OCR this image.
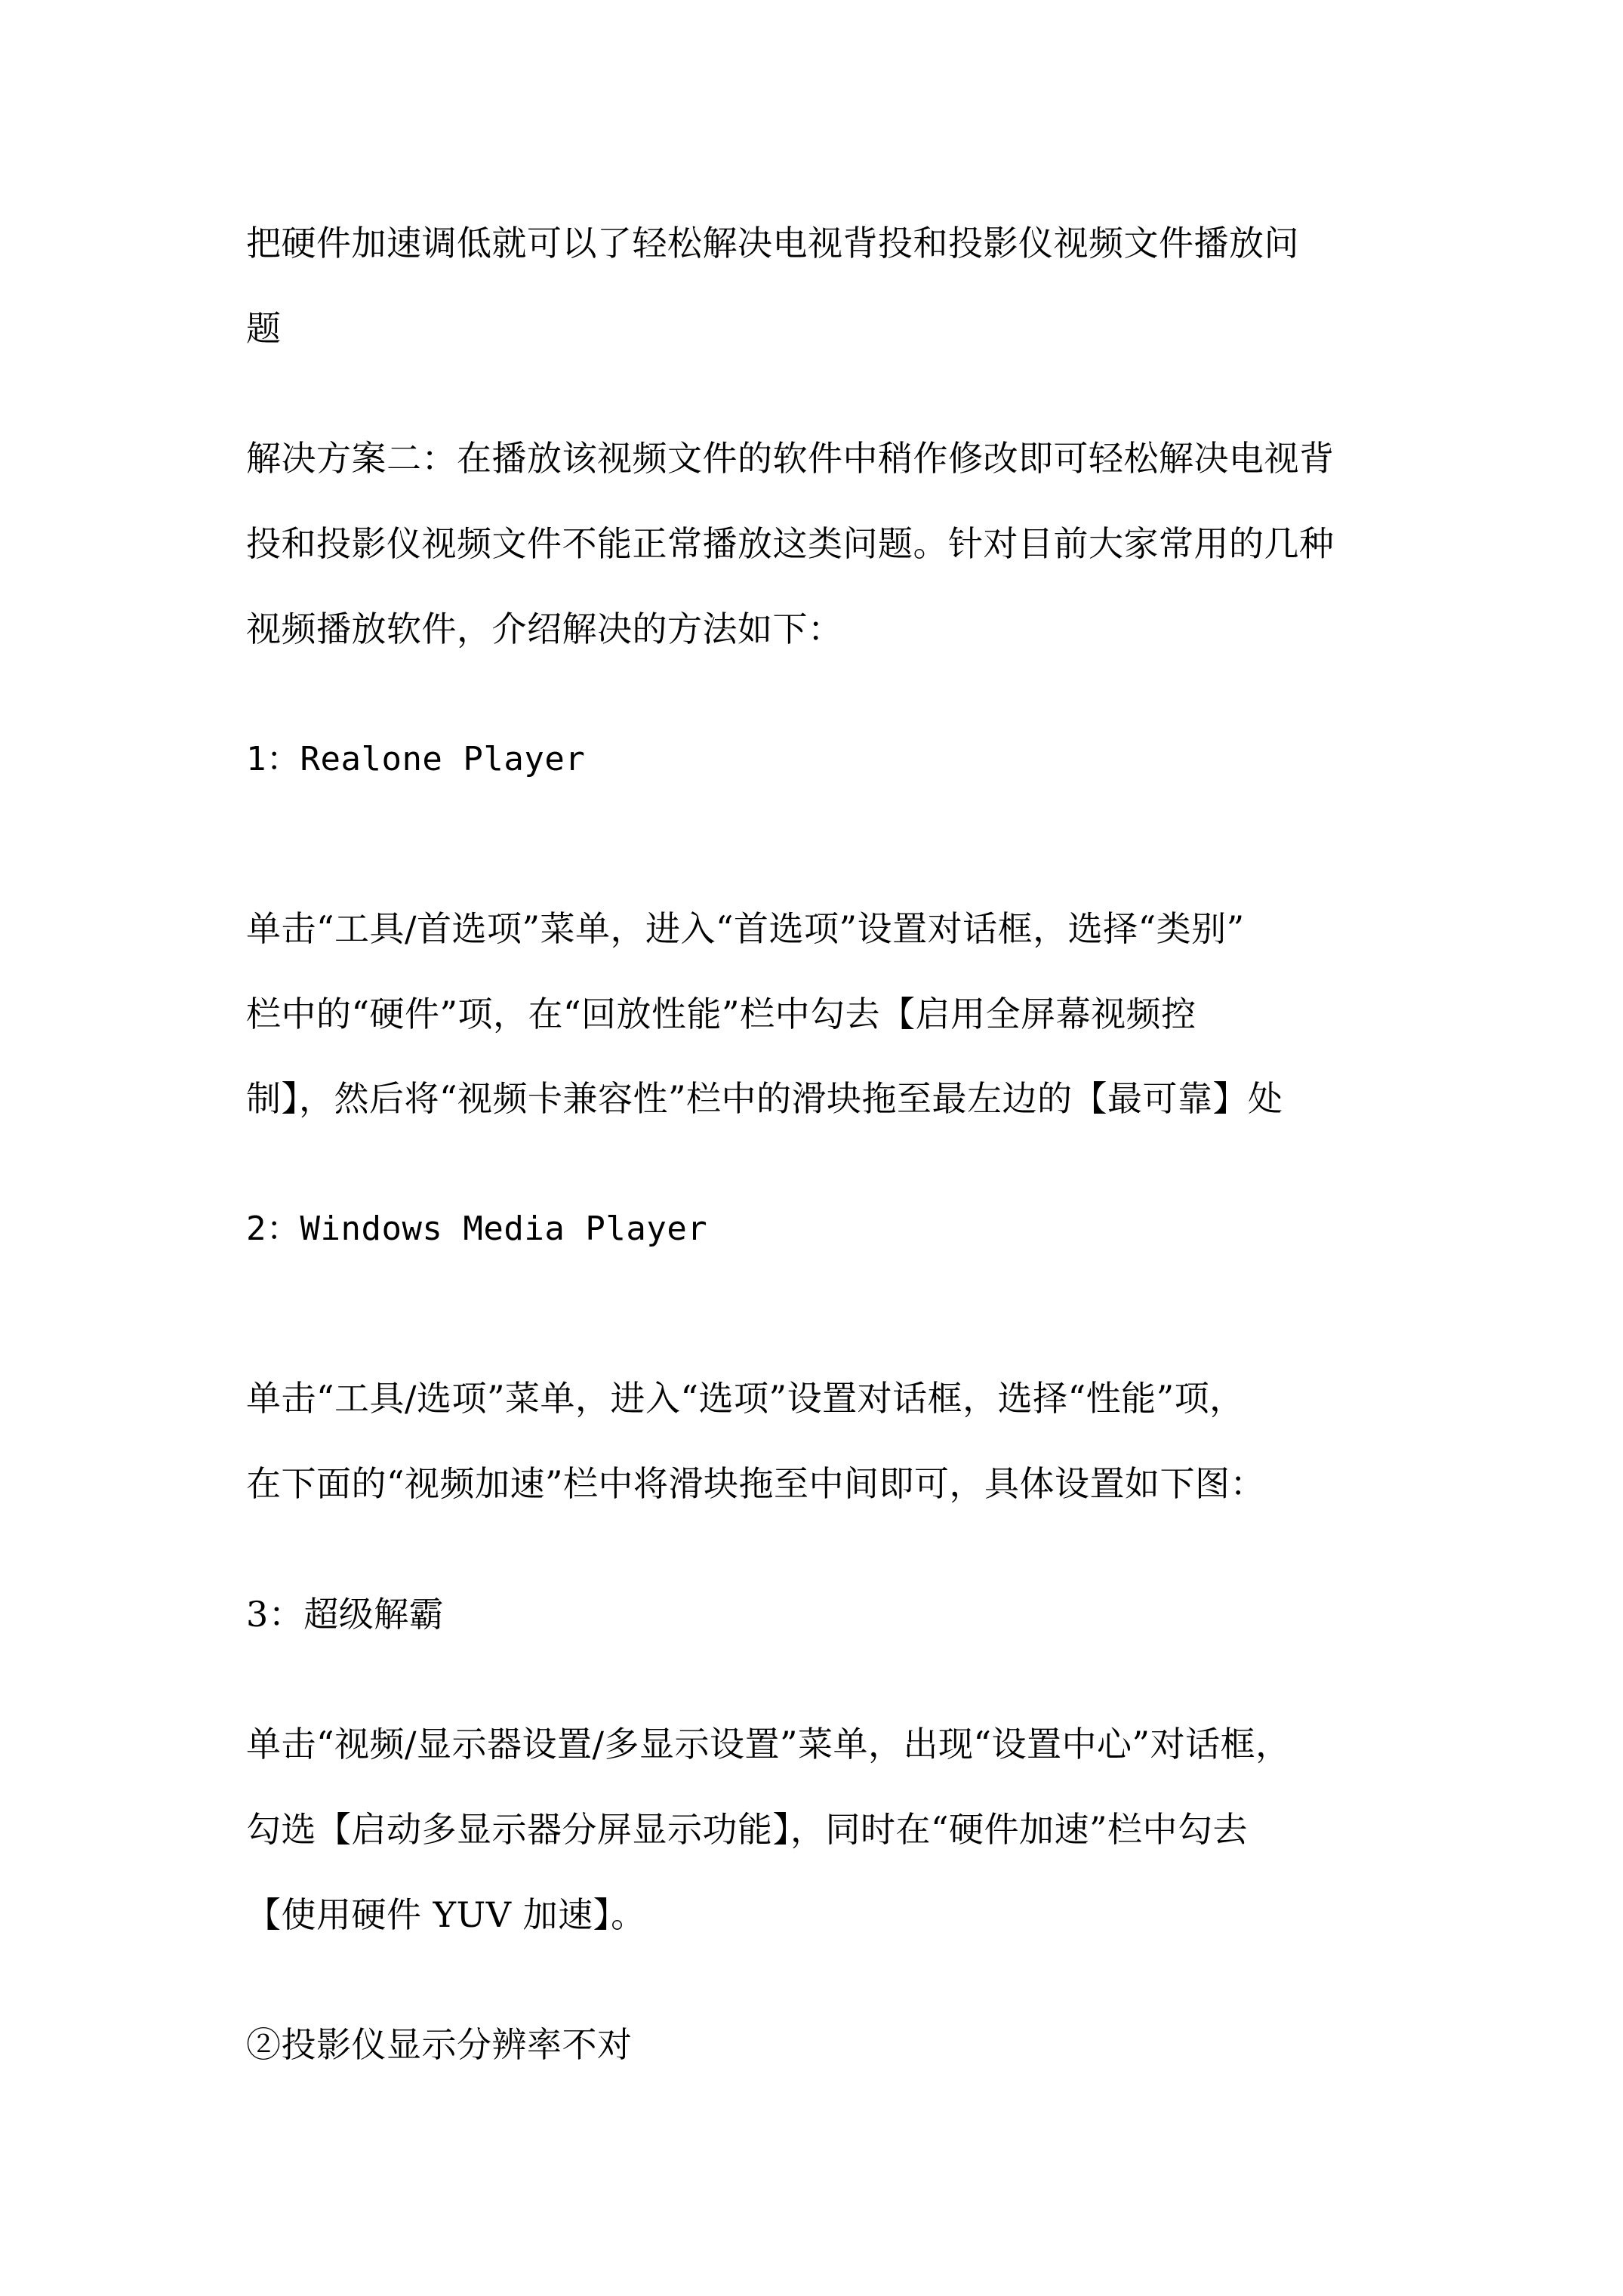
把硬件加速调低就可以了轻松解决电视背投和投影仪视频文件播放问
题
解决方案二：在播放该视频文件的软件中稍作修改即可轻松解决电视背
投和投影仪视频文件不能正常播放这类问题。针对目前大家常用的几种
视频播放软件，介绍解决的方法如下：
1：Realone Player
单击“工具/首选项”菜单，进入“首选项”设置对话框，选择“类别”
栏中的“硬件”项，在“回放性能”栏中勾去【启用全屏幕视频控
制】，然后将“视频卡兼容性”栏中的滑块拖至最左边的【最可靠】处
2：Windows Media Player
单击“工具/选项”菜单，进入“选项”设置对话框，选择“性能”项，
在下面的“视频加速”栏中将滑块拖至中间即可，具体设置如下图：
3：超级解霸
单击“视频/显示器设置/多显示设置”菜单，出现“设置中心”对话框，
勾选【启动多显示器分屏显示功能】，同时在“硬件加速”栏中勾去
【使用硬件 YUV 加速】。
②投影仪显示分辨率不对
